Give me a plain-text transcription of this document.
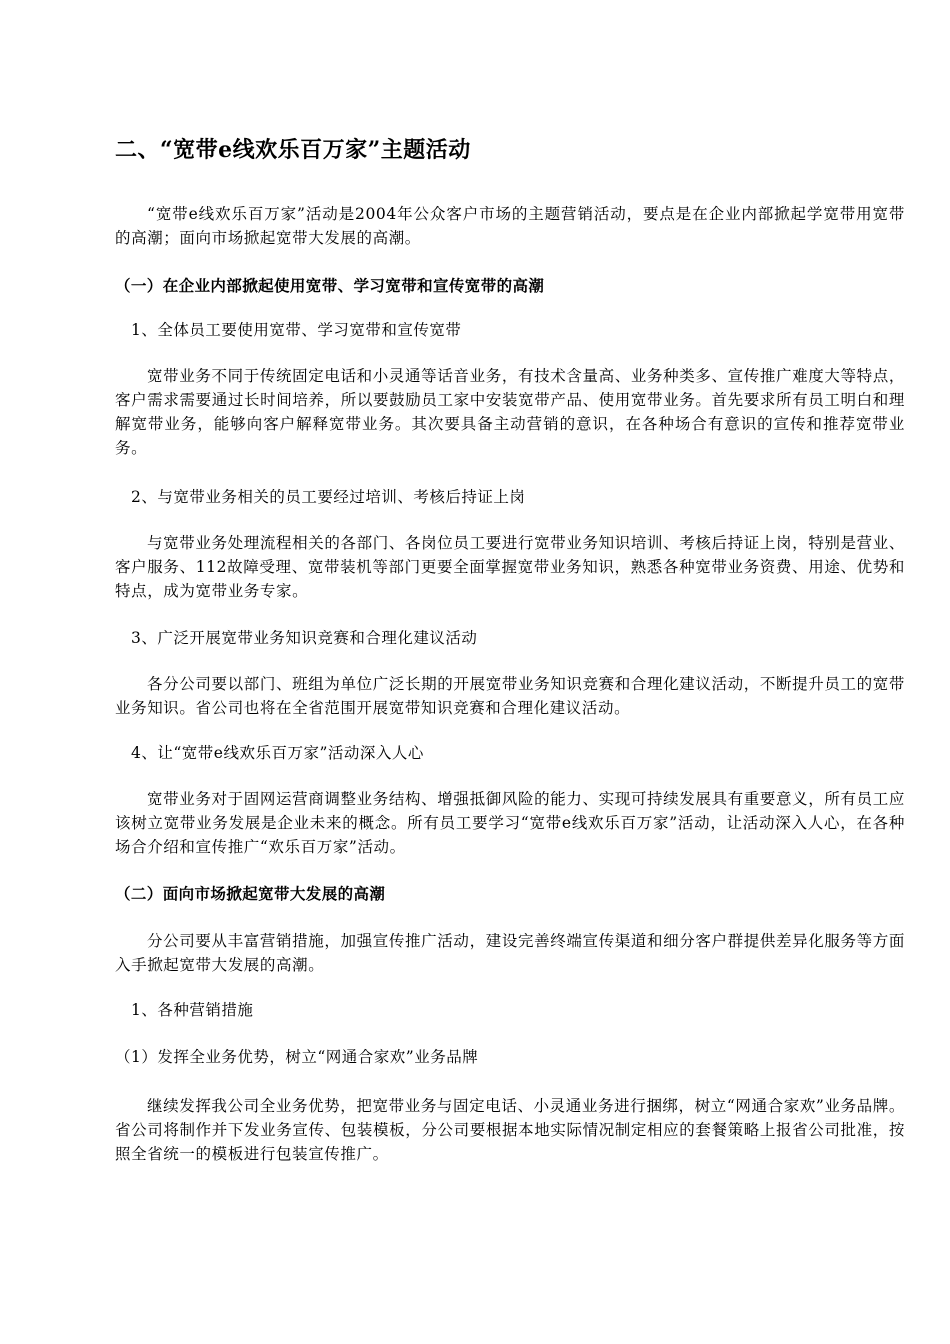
二、“宽带e线欢乐百万家”主题活动

“宽带e线欢乐百万家”活动是2004年公众客户市场的主题营销活动，要点是在企业内部掀起学宽带用宽带的高潮；面向市场掀起宽带大发展的高潮。

（一）在企业内部掀起使用宽带、学习宽带和宣传宽带的高潮

1、全体员工要使用宽带、学习宽带和宣传宽带

宽带业务不同于传统固定电话和小灵通等话音业务，有技术含量高、业务种类多、宣传推广难度大等特点，客户需求需要通过长时间培养，所以要鼓励员工家中安装宽带产品、使用宽带业务。首先要求所有员工明白和理解宽带业务，能够向客户解释宽带业务。其次要具备主动营销的意识，在各种场合有意识的宣传和推荐宽带业务。

2、与宽带业务相关的员工要经过培训、考核后持证上岗

与宽带业务处理流程相关的各部门、各岗位员工要进行宽带业务知识培训、考核后持证上岗，特别是营业、客户服务、112故障受理、宽带装机等部门更要全面掌握宽带业务知识，熟悉各种宽带业务资费、用途、优势和特点，成为宽带业务专家。

3、广泛开展宽带业务知识竞赛和合理化建议活动

各分公司要以部门、班组为单位广泛长期的开展宽带业务知识竞赛和合理化建议活动，不断提升员工的宽带业务知识。省公司也将在全省范围开展宽带知识竞赛和合理化建议活动。

4、让“宽带e线欢乐百万家”活动深入人心

宽带业务对于固网运营商调整业务结构、增强抵御风险的能力、实现可持续发展具有重要意义，所有员工应该树立宽带业务发展是企业未来的概念。所有员工要学习“宽带e线欢乐百万家”活动，让活动深入人心，在各种场合介绍和宣传推广“欢乐百万家”活动。

（二）面向市场掀起宽带大发展的高潮

分公司要从丰富营销措施，加强宣传推广活动，建设完善终端宣传渠道和细分客户群提供差异化服务等方面入手掀起宽带大发展的高潮。

1、各种营销措施

（1）发挥全业务优势，树立“网通合家欢”业务品牌

继续发挥我公司全业务优势，把宽带业务与固定电话、小灵通业务进行捆绑，树立“网通合家欢”业务品牌。省公司将制作并下发业务宣传、包装模板，分公司要根据本地实际情况制定相应的套餐策略上报省公司批准，按照全省统一的模板进行包装宣传推广。
